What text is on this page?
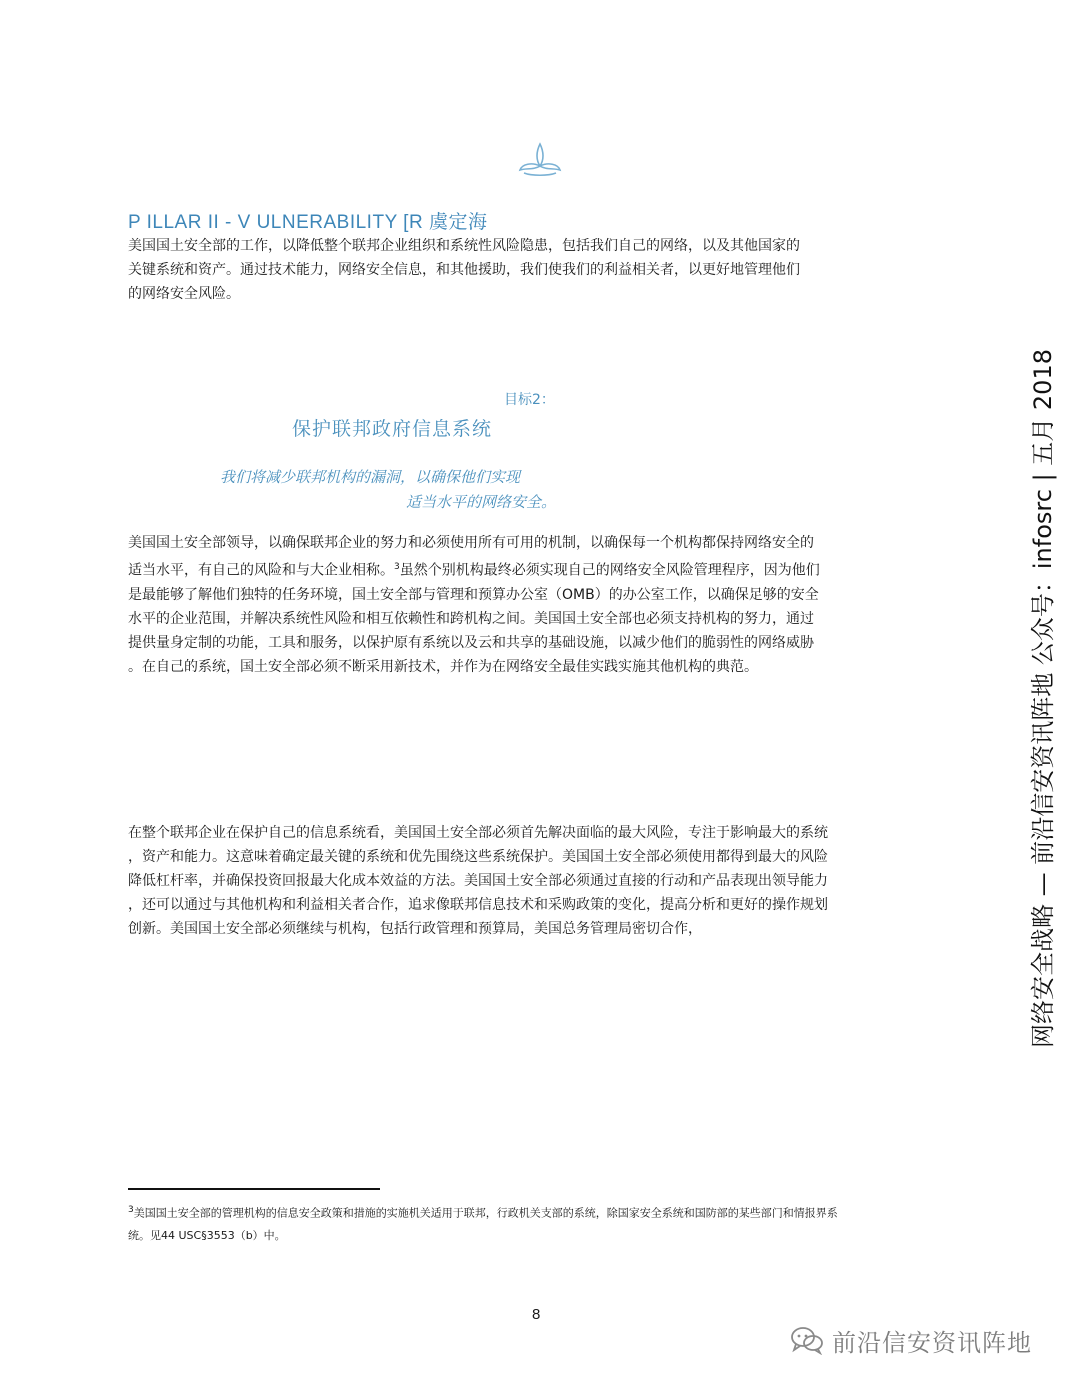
P ILLAR II - V ULNERABILITY [R 虞定海

美国国土安全部的工作，以降低整个联邦企业组织和系统性风险隐患，包括我们自己的网络，以及其他国家的

关键系统和资产。通过技术能力，网络安全信息，和其他援助，我们使我们的利益相关者，以更好地管理他们

的网络安全风险。

目标2：
保护联邦政府信息系统
我们将减少联邦机构的漏洞，以确保他们实现
适当水平的网络安全。

美国国土安全部领导，以确保联邦企业的努力和必须使用所有可用的机制，以确保每一个机构都保持网络安全的

适当水平，有自己的风险和与大企业相称。$^3$虽然个别机构最终必须实现自己的网络安全风险管理程序，因为他们

是最能够了解他们独特的任务环境，国土安全部与管理和预算办公室（OMB）的办公室工作，以确保足够的安全

水平的企业范围，并解决系统性风险和相互依赖性和跨机构之间。美国国土安全部也必须支持机构的努力，通过

提供量身定制的功能，工具和服务，以保护原有系统以及云和共享的基础设施，以减少他们的脆弱性的网络威胁

。在自己的系统，国土安全部必须不断采用新技术，并作为在网络安全最佳实践实施其他机构的典范。

在整个联邦企业在保护自己的信息系统看，美国国土安全部必须首先解决面临的最大风险，专注于影响最大的系统

，资产和能力。这意味着确定最关键的系统和优先围绕这些系统保护。美国国土安全部必须使用都得到最大的风险

降低杠杆率，并确保投资回报最大化成本效益的方法。美国国土安全部必须通过直接的行动和产品表现出领导能力

，还可以通过与其他机构和利益相关者合作，追求像联邦信息技术和采购政策的变化，提高分析和更好的操作规划

创新。美国国土安全部必须继续与机构，包括行政管理和预算局，美国总务管理局密切合作，

$^3$美国国土安全部的管理机构的信息安全政策和措施的实施机关适用于联邦，行政机关支部的系统，除国家安全系统和国防部的某些部门和情报界系

统。见44 USC§3553（b）中。

8
网络安全战略 — 前沿信安资讯阵地 公众号：infosrc | 五月 2018
前沿信安资讯阵地
